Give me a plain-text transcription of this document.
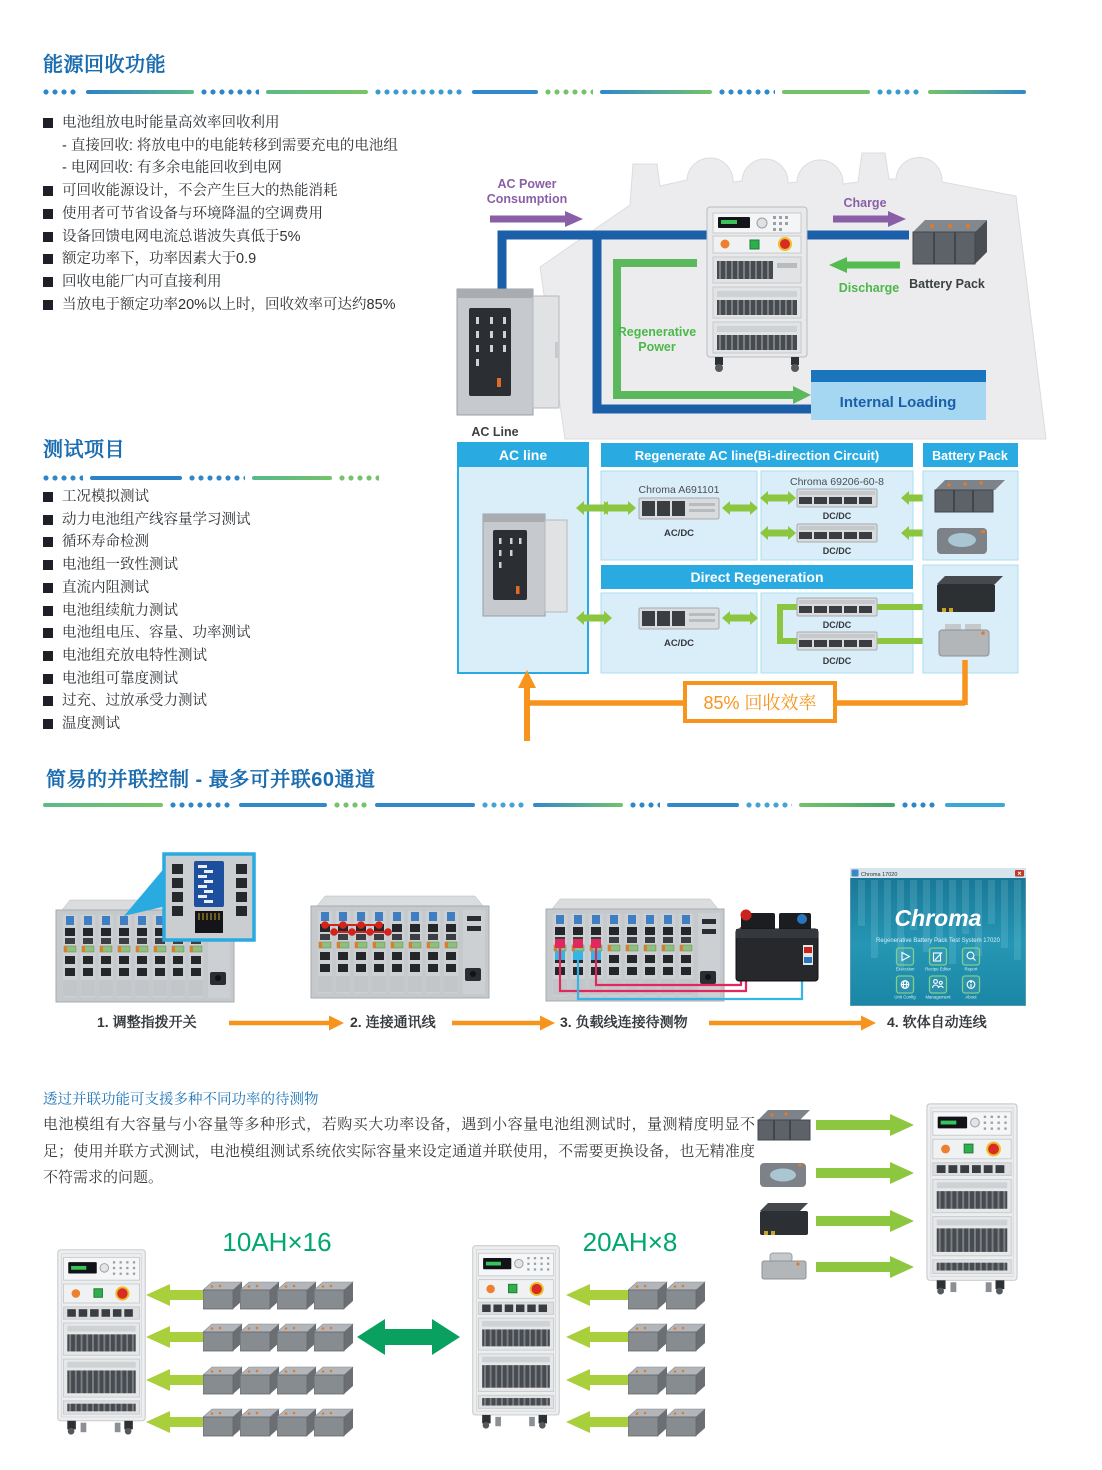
能源回收功能
电池组放电时能量高效率回收利用
- 直接回收: 将放电中的电能转移到需要充电的电池组
- 电网回收: 有多余电能回收到电网
可回收能源设计，不会产生巨大的热能消耗
使用者可节省设备与环境降温的空调费用
设备回馈电网电流总谐波失真低于5%
额定功率下，功率因素大于0.9
回收电能厂内可直接利用
当放电于额定功率20%以上时，回收效率可达约85%
Internal Loading
AC Line
Battery Pack
AC Power
Consumption	Charge
Discharge
Regenerative
Power
测试项目
工况模拟测试
动力电池组产线容量学习测试
循环寿命检测
电池组一致性测试
直流内阻测试
电池组续航力测试
电池组电压、容量、功率测试
电池组充放电特性测试
电池组可靠度测试
过充、过放承受力测试
温度测试
AC line	Regenerate AC line(Bi-direction Circuit)
Chroma A691101
AC/DC
Chroma 69206-60-8
DC/DC
DC/DC
Battery Pack
Direct Regeneration
AC/DC
DC/DC
DC/DC
85% 回收效率
简易的并联控制 - 最多可并联60通道
Chroma 17020
Chroma
Regenerative Battery Pack Test System 17020
Execution Recipe Editor	Report
Unit Config Management	About
1. 调整指拨开关	2. 连接通讯线	3. 负载线连接待测物	4. 软体自动连线
透过并联功能可支援多种不同功率的待测物
电池模组有大容量与小容量等多种形式，若购买大功率设备，遇到小容量电池组测试时，量测精度明显不足；使用并联方式测试，电池模组测试系统依实际容量来设定通道并联使用，不需要更换设备，也无精准度不符需求的问题。
10AH×16	20AH×8
